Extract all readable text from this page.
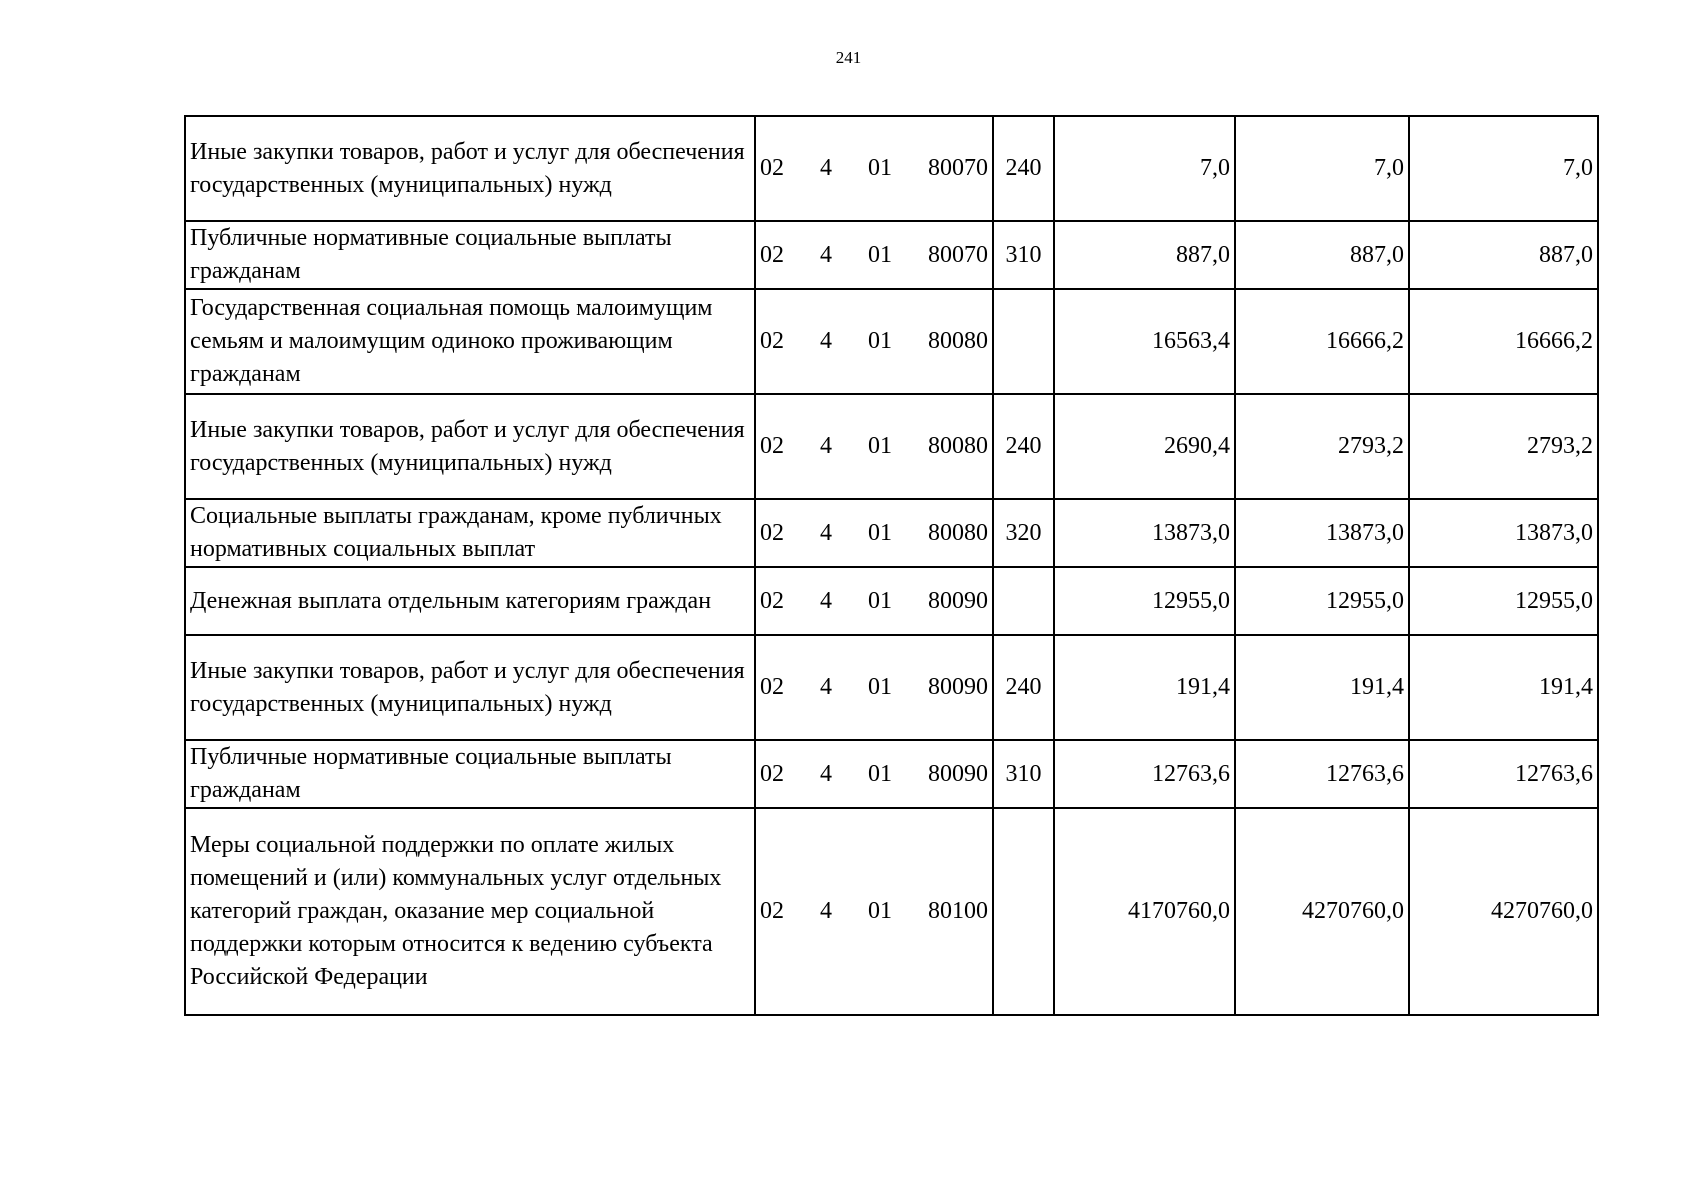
241
Иные закупки товаров, работ и услуг для обеспечения государственных (муниципальных) нужд	02 4 01 80070	240	7,0	7,0	7,0
Публичные нормативные социальные выплаты гражданам	02 4 01 80070	310	887,0	887,0	887,0
Государственная социальная помощь малоимущим семьям и малоимущим одиноко проживающим гражданам	02 4 01 80080		16563,4	16666,2	16666,2
Иные закупки товаров, работ и услуг для обеспечения государственных (муниципальных) нужд	02 4 01 80080	240	2690,4	2793,2	2793,2
Социальные выплаты гражданам, кроме публичных нормативных социальных выплат	02 4 01 80080	320	13873,0	13873,0	13873,0
Денежная выплата отдельным категориям граждан	02 4 01 80090		12955,0	12955,0	12955,0
Иные закупки товаров, работ и услуг для обеспечения государственных (муниципальных) нужд	02 4 01 80090	240	191,4	191,4	191,4
Публичные нормативные социальные выплаты гражданам	02 4 01 80090	310	12763,6	12763,6	12763,6
Меры социальной поддержки по оплате жилых помещений и (или) коммунальных услуг отдельных категорий граждан, оказание мер социальной поддержки которым относится к ведению субъекта Российской Федерации	02 4 01 80100		4170760,0	4270760,0	4270760,0
